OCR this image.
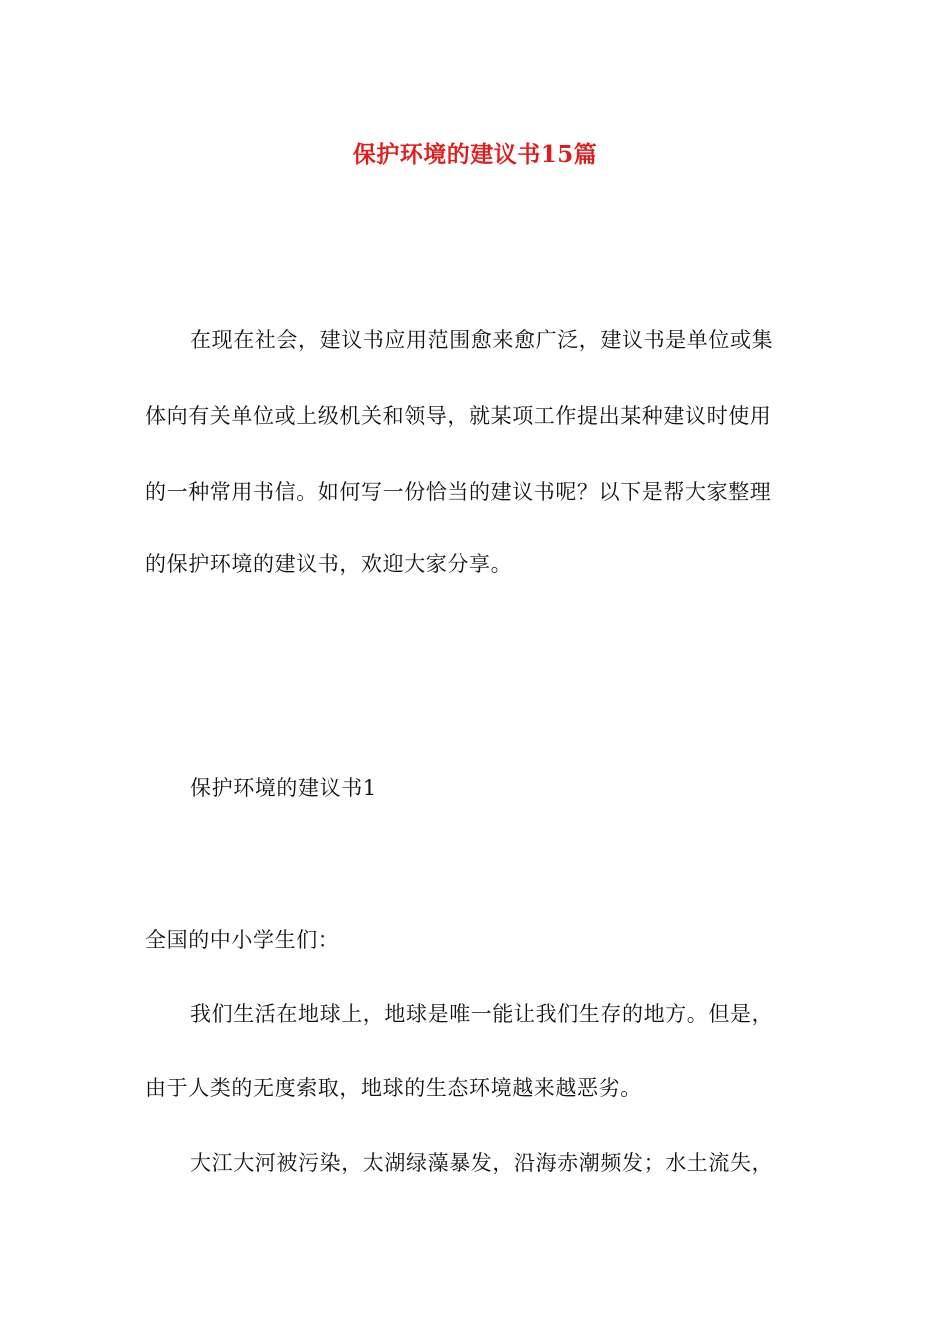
保护环境的建议书15篇
在现在社会，建议书应用范围愈来愈广泛，建议书是单位或集
体向有关单位或上级机关和领导，就某项工作提出某种建议时使用
的一种常用书信。如何写一份恰当的建议书呢？以下是帮大家整理
的保护环境的建议书，欢迎大家分享。
保护环境的建议书1
全国的中小学生们：
我们生活在地球上，地球是唯一能让我们生存的地方。但是，
由于人类的无度索取，地球的生态环境越来越恶劣。
大江大河被污染，太湖绿藻暴发，沿海赤潮频发；水土流失，
